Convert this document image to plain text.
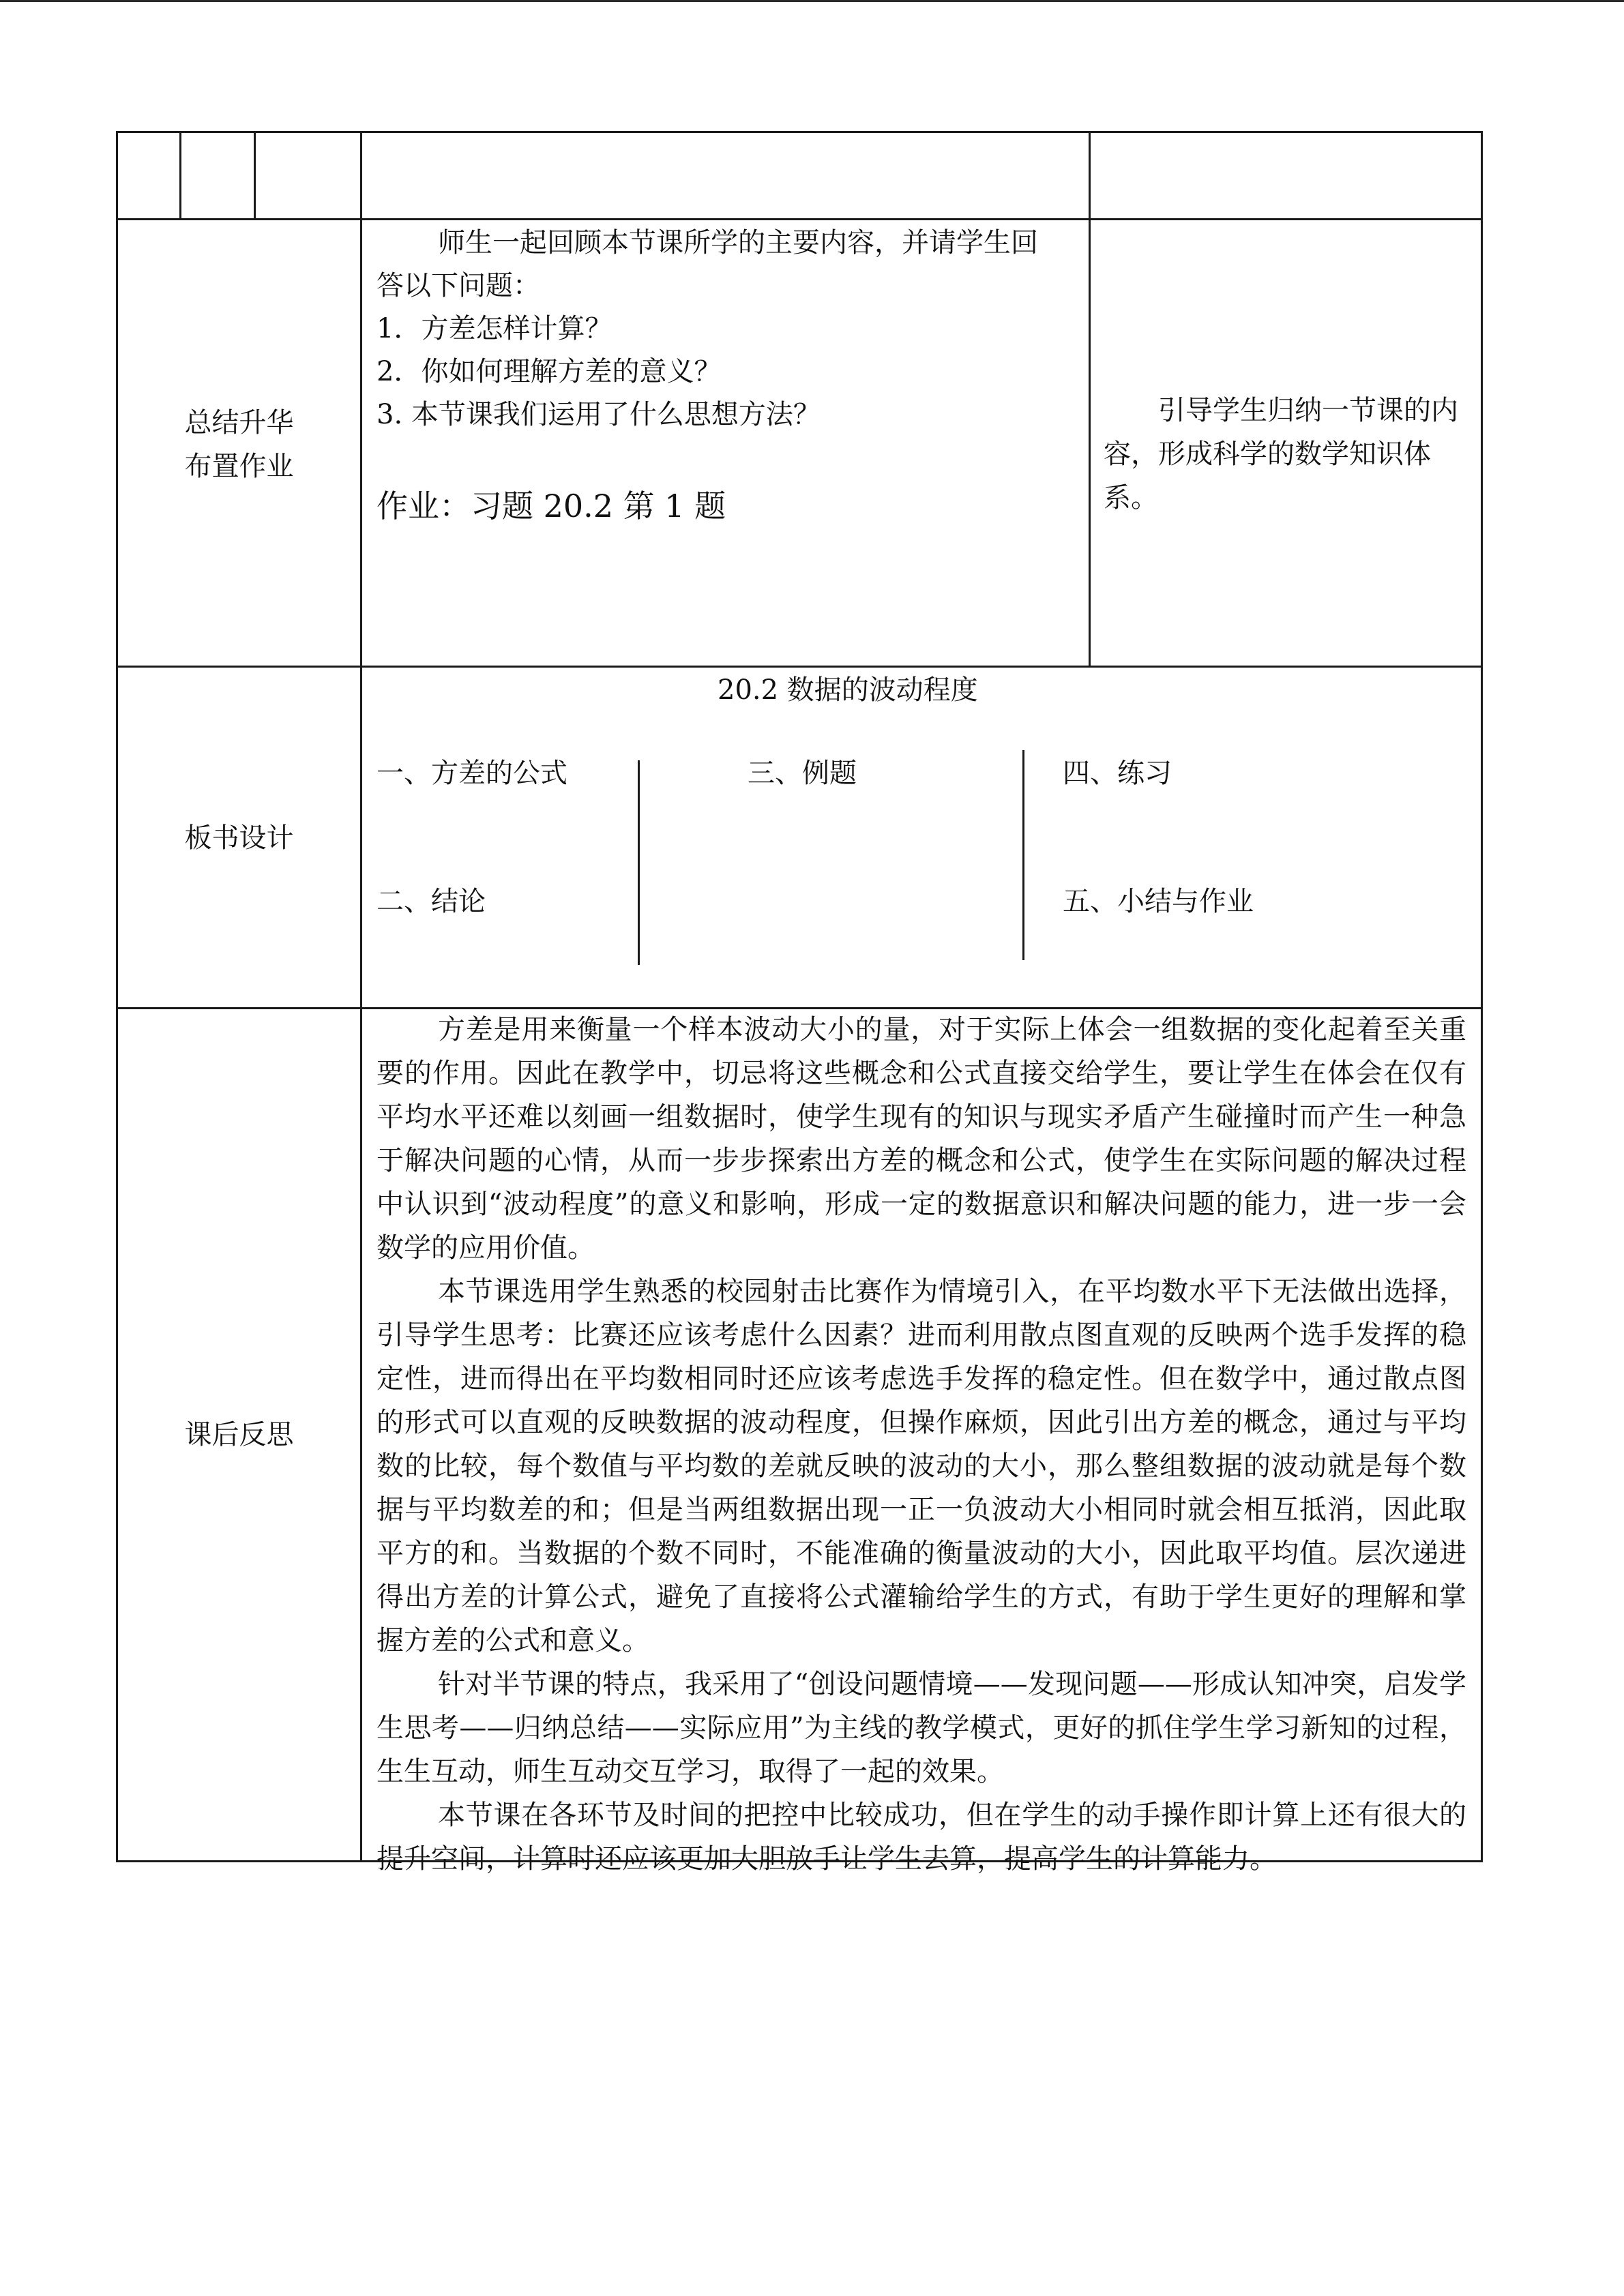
总结升华
布置作业
师生一起回顾本节课所学的主要内容，并请学生回
答以下问题：
1．方差怎样计算？
2．你如何理解方差的意义？
3. 本节课我们运用了什么思想方法？
作业：习题 20.2 第 1 题

引导学生归纳一节课的内容，形成科学的数学知识体系。

板书设计
20.2 数据的波动程度
一、方差的公式
二、结论
三、例题	四、练习
五、小结与作业
课后反思

方差是用来衡量一个样本波动大小的量，对于实际上体会一组数据的变化起着至关重要的作用。因此在教学中，切忌将这些概念和公式直接交给学生，要让学生在体会在仅有平均水平还难以刻画一组数据时，使学生现有的知识与现实矛盾产生碰撞时而产生一种急于解决问题的心情，从而一步步探索出方差的概念和公式，使学生在实际问题的解决过程中认识到“波动程度”的意义和影响，形成一定的数据意识和解决问题的能力，进一步一会数学的应用价值。

本节课选用学生熟悉的校园射击比赛作为情境引入，在平均数水平下无法做出选择，引导学生思考：比赛还应该考虑什么因素？进而利用散点图直观的反映两个选手发挥的稳定性，进而得出在平均数相同时还应该考虑选手发挥的稳定性。但在数学中，通过散点图的形式可以直观的反映数据的波动程度，但操作麻烦，因此引出方差的概念，通过与平均数的比较，每个数值与平均数的差就反映的波动的大小，那么整组数据的波动就是每个数据与平均数差的和；但是当两组数据出现一正一负波动大小相同时就会相互抵消，因此取平方的和。当数据的个数不同时，不能准确的衡量波动的大小，因此取平均值。层次递进得出方差的计算公式，避免了直接将公式灌输给学生的方式，有助于学生更好的理解和掌握方差的公式和意义。

针对半节课的特点，我采用了“创设问题情境——发现问题——形成认知冲突，启发学生思考——归纳总结——实际应用”为主线的教学模式，更好的抓住学生学习新知的过程，生生互动，师生互动交互学习，取得了一起的效果。

本节课在各环节及时间的把控中比较成功，但在学生的动手操作即计算上还有很大的提升空间，计算时还应该更加大胆放手让学生去算，提高学生的计算能力。
